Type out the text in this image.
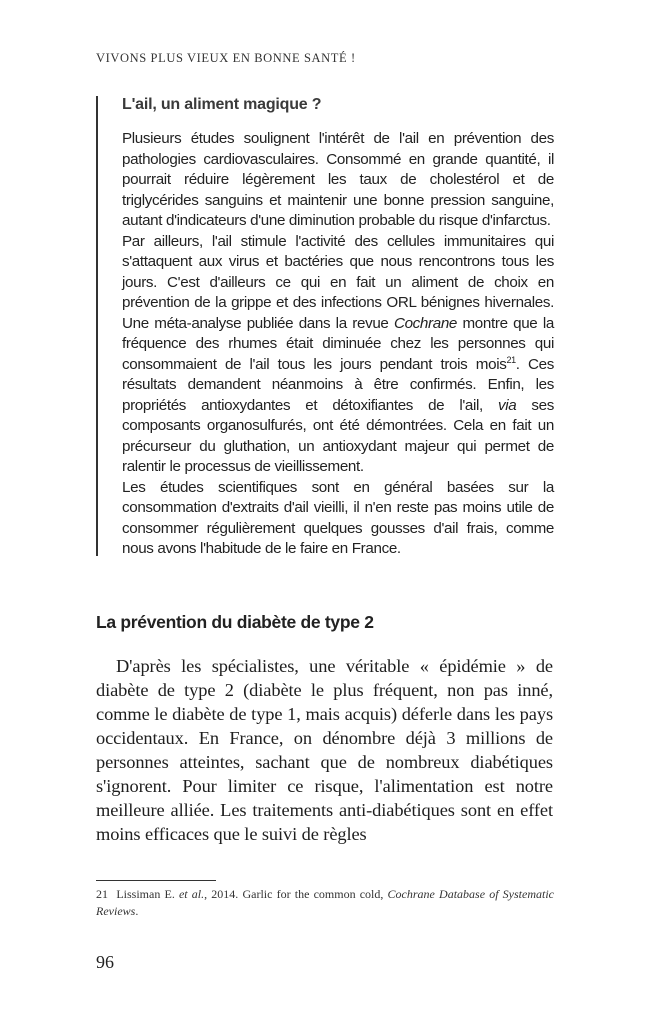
VIVONS PLUS VIEUX EN BONNE SANTÉ !
L'ail, un aliment magique ?

Plusieurs études soulignent l'intérêt de l'ail en prévention des pathologies cardiovasculaires. Consommé en grande quantité, il pourrait réduire légèrement les taux de cholestérol et de triglycérides sanguins et maintenir une bonne pression sanguine, autant d'indicateurs d'une diminution probable du risque d'infarctus.

Par ailleurs, l'ail stimule l'activité des cellules immunitaires qui s'attaquent aux virus et bactéries que nous rencontrons tous les jours. C'est d'ailleurs ce qui en fait un aliment de choix en prévention de la grippe et des infections ORL bénignes hivernales. Une méta-analyse publiée dans la revue Cochrane montre que la fréquence des rhumes était diminuée chez les personnes qui consommaient de l'ail tous les jours pendant trois mois$^{21}$. Ces résultats demandent néanmoins à être confirmés. Enfin, les propriétés antioxydantes et détoxifiantes de l'ail, via ses composants organosulfurés, ont été démontrées. Cela en fait un précurseur du gluthation, un antioxydant majeur qui permet de ralentir le processus de vieillissement.

Les études scientifiques sont en général basées sur la consommation d'extraits d'ail vieilli, il n'en reste pas moins utile de consommer régulièrement quelques gousses d'ail frais, comme nous avons l'habitude de le faire en France.

La prévention du diabète de type 2

D'après les spécialistes, une véritable « épidémie » de diabète de type 2 (diabète le plus fréquent, non pas inné, comme le diabète de type 1, mais acquis) déferle dans les pays occidentaux. En France, on dénombre déjà 3 millions de personnes atteintes, sachant que de nombreux diabétiques s'ignorent. Pour limiter ce risque, l'alimentation est notre meilleure alliée. Les traitements anti-diabétiques sont en effet moins efficaces que le suivi de règles

21 Lissiman E. et al., 2014. Garlic for the common cold, Cochrane Database of Systematic Reviews.
96
